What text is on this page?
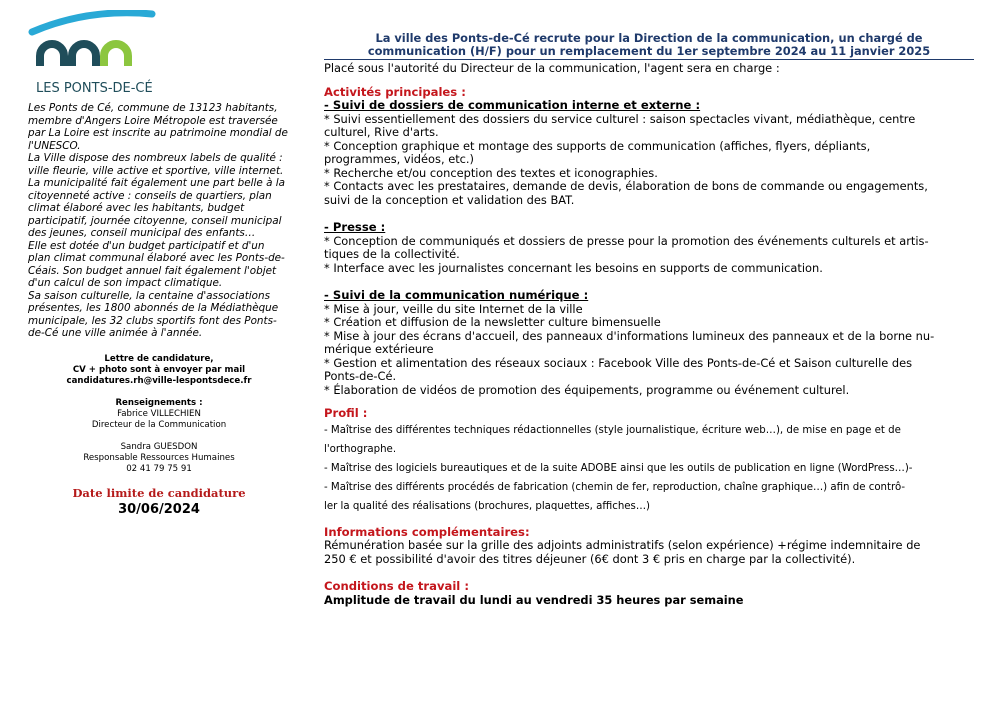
LES PONTS-DE-CÉ

Les Ponts de Cé, commune de 13123 habitants, membre d'Angers Loire Métropole est traversée par La Loire est inscrite au patrimoine mondial de l'UNESCO.

La Ville dispose des nombreux labels de qualité : ville fleurie, ville active et sportive, ville internet.

La municipalité fait également une part belle à la citoyenneté active : conseils de quartiers, plan climat élaboré avec les habitants, budget participatif, journée citoyenne, conseil municipal des jeunes, conseil municipal des enfants…

Elle est dotée d'un budget participatif et d'un plan climat communal élaboré avec les Ponts-de-Céais. Son budget annuel fait également l'objet d'un calcul de son impact climatique.

Sa saison culturelle, la centaine d'associations présentes, les 1800 abonnés de la Médiathèque municipale, les 32 clubs sportifs font des Ponts-de-Cé une ville animée à l'année.

Lettre de candidature,
CV + photo sont à envoyer par mail
candidatures.rh@ville-lespontsdece.fr
Renseignements :
Fabrice VILLECHIEN
Directeur de la Communication
Sandra GUESDON
Responsable Ressources Humaines
02 41 79 75 91
Date limite de candidature
30/06/2024
La ville des Ponts-de-Cé recrute pour la Direction de la communication, un chargé de
communication (H/F) pour un remplacement du 1er septembre 2024 au 11 janvier 2025
Placé sous l'autorité du Directeur de la communication, l'agent sera en charge :
Activités principales :
- Suivi de dossiers de communication interne et externe :
* Suivi essentiellement des dossiers du service culturel : saison spectacles vivant, médiathèque, centre
culturel, Rive d'arts.
* Conception graphique et montage des supports de communication (affiches, flyers, dépliants,
programmes, vidéos, etc.)
* Recherche et/ou conception des textes et iconographies.
* Contacts avec les prestataires, demande de devis, élaboration de bons de commande ou engagements,
suivi de la conception et validation des BAT.
- Presse :
* Conception de communiqués et dossiers de presse pour la promotion des événements culturels et artis-
tiques de la collectivité.
* Interface avec les journalistes concernant les besoins en supports de communication.
- Suivi de la communication numérique :
* Mise à jour, veille du site Internet de la ville
* Création et diffusion de la newsletter culture bimensuelle
* Mise à jour des écrans d'accueil, des panneaux d'informations lumineux des panneaux et de la borne nu-
mérique extérieure
* Gestion et alimentation des réseaux sociaux : Facebook Ville des Ponts-de-Cé et Saison culturelle des
Ponts-de-Cé.
* Élaboration de vidéos de promotion des équipements, programme ou événement culturel.
Profil :
- Maîtrise des différentes techniques rédactionnelles (style journalistique, écriture web…), de mise en page et de
l'orthographe.
- Maîtrise des logiciels bureautiques et de la suite ADOBE ainsi que les outils de publication en ligne (WordPress…)-
- Maîtrise des différents procédés de fabrication (chemin de fer, reproduction, chaîne graphique…) afin de contrô-
ler la qualité des réalisations (brochures, plaquettes, affiches…)
Informations complémentaires:
Rémunération basée sur la grille des adjoints administratifs (selon expérience) +régime indemnitaire de
250 € et possibilité d'avoir des titres déjeuner (6€ dont 3 € pris en charge par la collectivité).
Conditions de travail :
Amplitude de travail du lundi au vendredi 35 heures par semaine
